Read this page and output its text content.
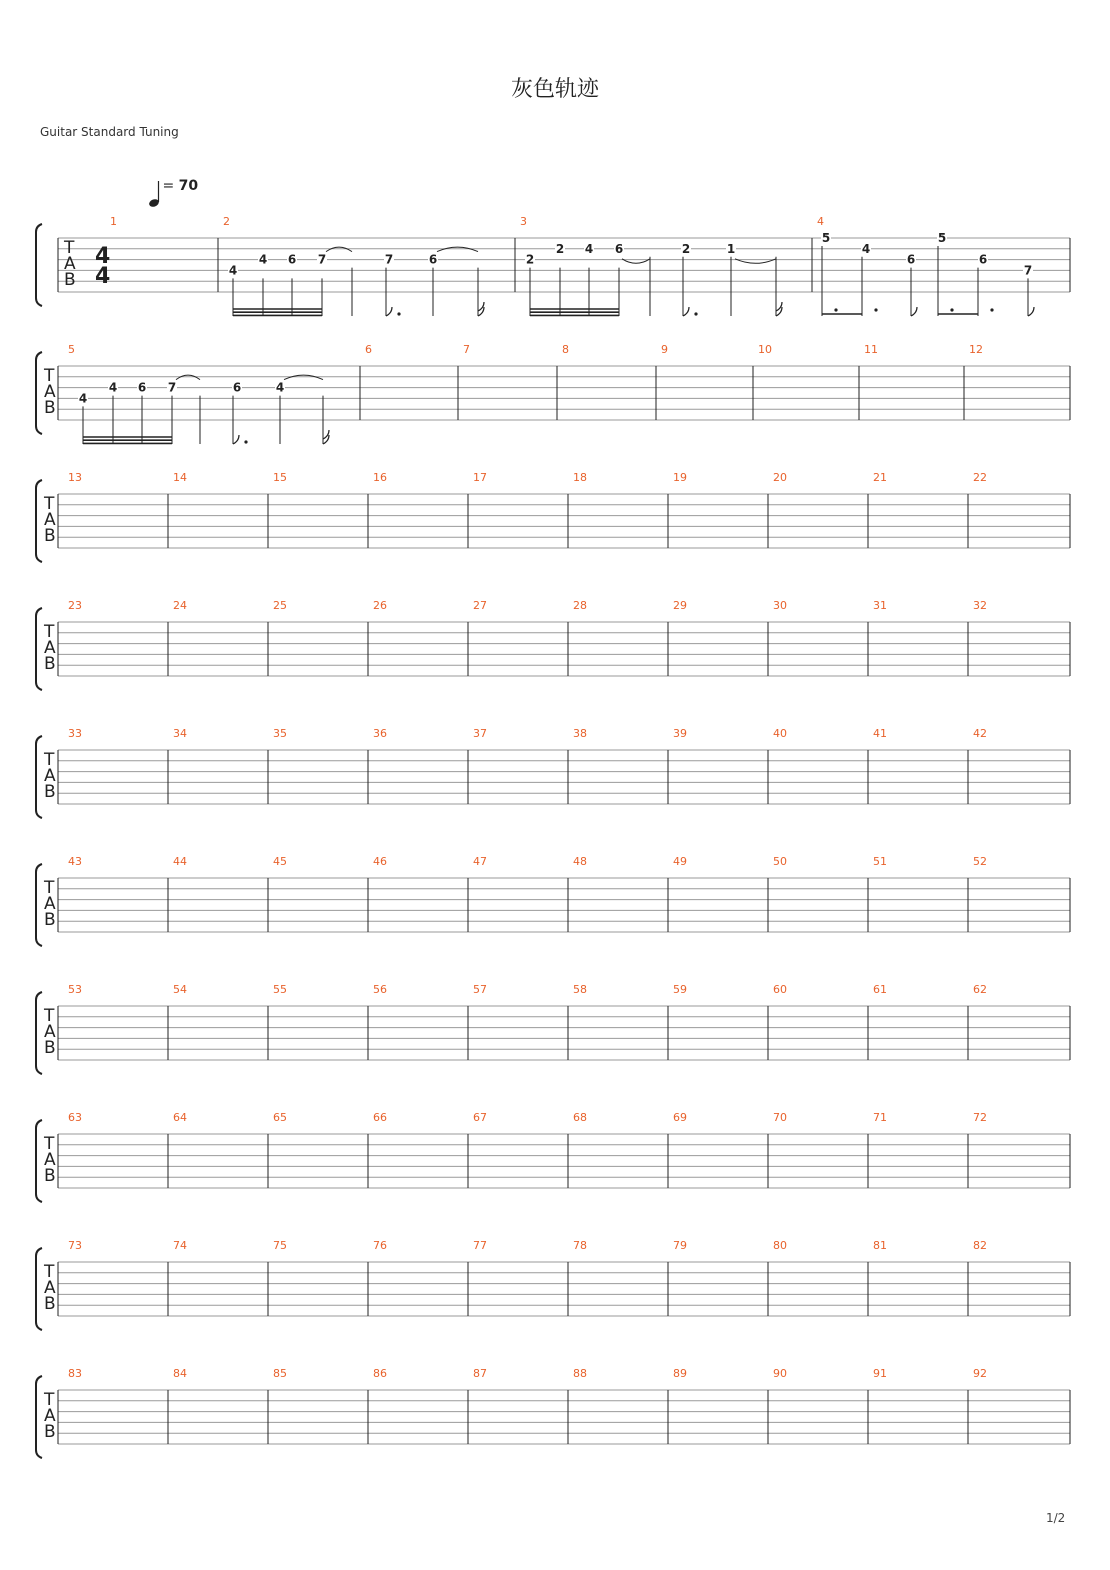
灰色轨迹
Guitar Standard Tuning
= 70
1/2
T
A
B
1	2	3	4
T
A
B
5	6	7	8	9	10	11	12
T
A
B
13	14	15	16	17	18	19	20	21	22
T
A
B
23	24	25	26	27	28	29	30	31	32
T
A
B
33	34	35	36	37	38	39	40	41	42
T
A
B
43	44	45	46	47	48	49	50	51	52
T
A
B
53	54	55	56	57	58	59	60	61	62
T
A
B
63	64	65	66	67	68	69	70	71	72
T
A
B
73	74	75	76	77	78	79	80	81	82
T
A
B
83	84	85	86	87	88	89	90	91	92
4
4	4
4 6 7	7	6	2
2 4 6	2	1
5
4
6
5
6
7
4
4 6 7	6	4
